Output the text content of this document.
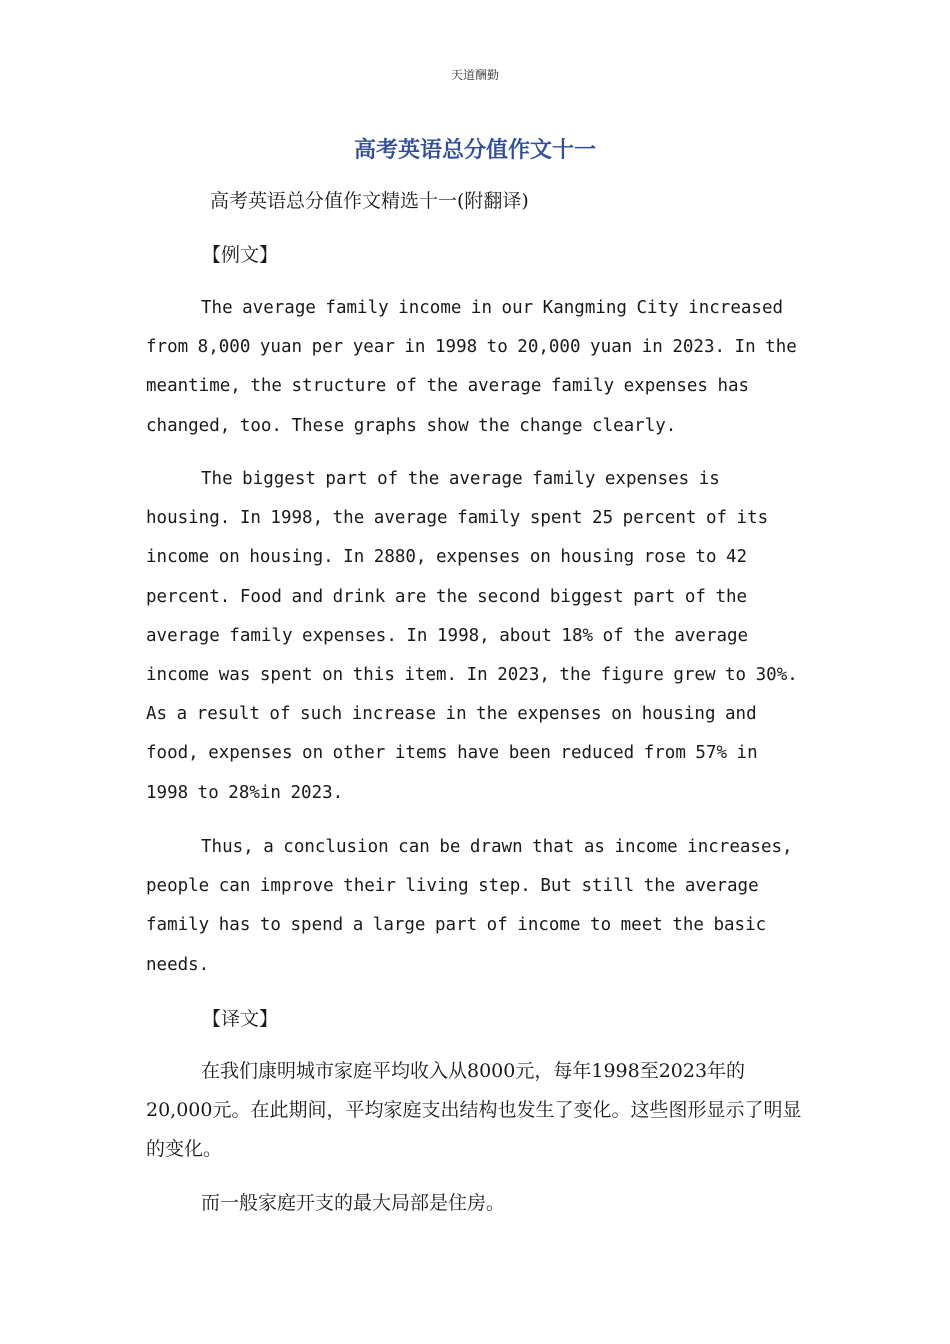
天道酬勤
高考英语总分值作文十一
高考英语总分值作文精选十一(附翻译)
【例文】

The average family income in our Kangming City increased from 8,000 yuan per year in 1998 to 20,000 yuan in 2023. In the meantime, the structure of the average family expenses has changed, too. These graphs show the change clearly.

The biggest part of the average family expenses is housing. In 1998, the average family spent 25 percent of its income on housing. In 2880, expenses on housing rose to 42 percent. Food and drink are the second biggest part of the average family expenses. In 1998, about 18% of the average income was spent on this item. In 2023, the figure grew to 30%. As a result of such increase in the expenses on housing and food, expenses on other items have been reduced from 57% in 1998 to 28%in 2023.

Thus, a conclusion can be drawn that as income increases, people can improve their living step. But still the average family has to spend a large part of income to meet the basic needs.

【译文】

在我们康明城市家庭平均收入从8000元，每年1998至2023年的20,000元。在此期间，平均家庭支出结构也发生了变化。这些图形显示了明显的变化。

而一般家庭开支的最大局部是住房。
